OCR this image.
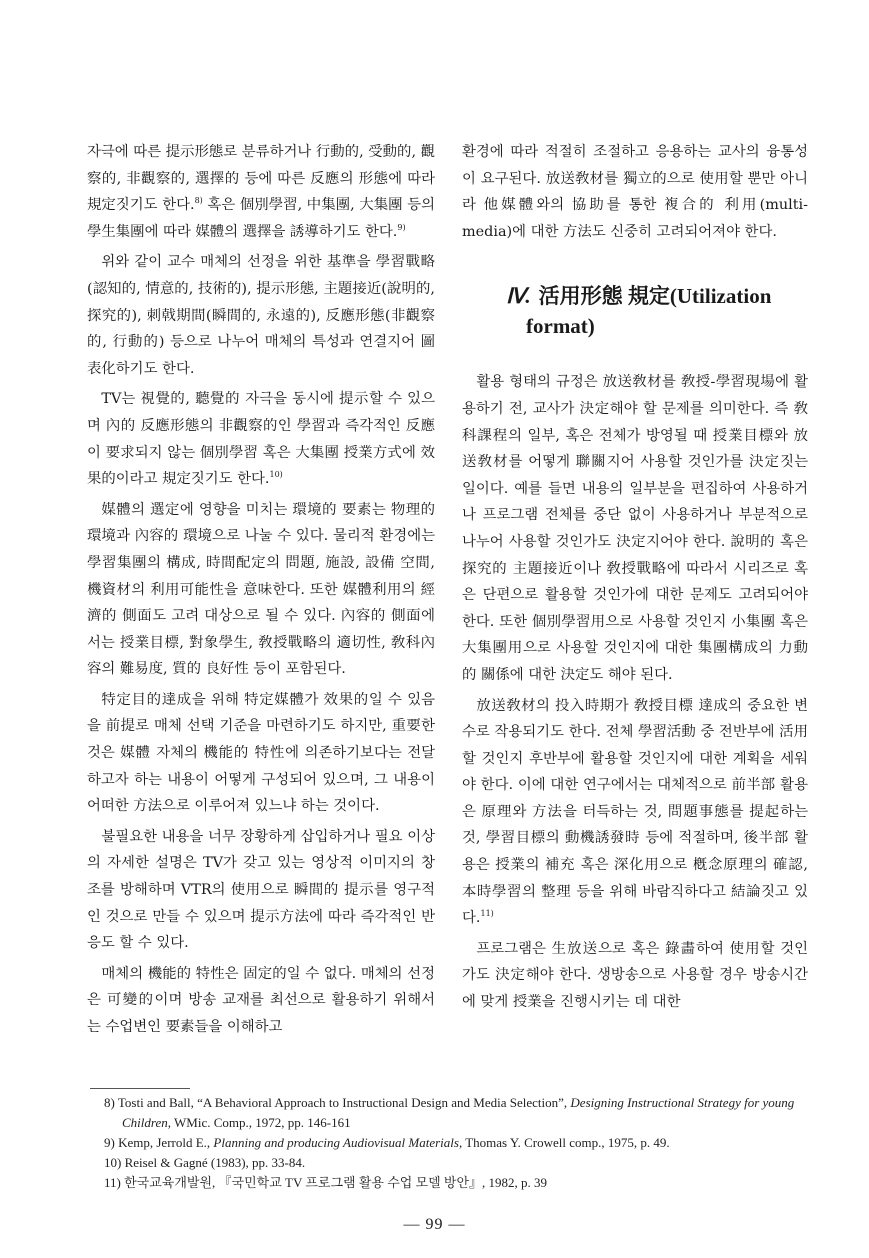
자극에 따른 提示形態로 분류하거나 行動的, 受動的, 觀察的, 非觀察的, 選擇的 등에 따른 反應의 形態에 따라 規定짓기도 한다.$^{8)}$ 혹은 個別學習, 中集團, 大集團 등의 學生集團에 따라 媒體의 選擇을 誘導하기도 한다.$^{9)}$

위와 같이 교수 매체의 선정을 위한 基準을 學習戰略(認知的, 情意的, 技術的), 提示形態, 主題接近(說明的, 探究的), 刺戟期間(瞬間的, 永遠的), 反應形態(非觀察的, 行動的) 등으로 나누어 매체의 특성과 연결지어 圖表化하기도 한다.

TV는 視覺的, 聽覺的 자극을 동시에 提示할 수 있으며 內的 反應形態의 非觀察的인 學習과 즉각적인 反應이 要求되지 않는 個別學習 혹은 大集團 授業方式에 效果的이라고 規定짓기도 한다.$^{10)}$

媒體의 選定에 영향을 미치는 環境的 要素는 物理的 環境과 內容的 環境으로 나눌 수 있다. 물리적 환경에는 學習集團의 構成, 時間配定의 問題, 施設, 設備 空間, 機資材의 利用可能性을 意味한다. 또한 媒體利用의 經濟的 側面도 고려 대상으로 될 수 있다. 內容的 側面에서는 授業目標, 對象學生, 敎授戰略의 適切性, 敎科內容의 難易度, 質的 良好性 등이 포함된다.

特定目的達成을 위해 特定媒體가 效果的일 수 있음을 前提로 매체 선택 기준을 마련하기도 하지만, 重要한 것은 媒體 자체의 機能的 特性에 의존하기보다는 전달하고자 하는 내용이 어떻게 구성되어 있으며, 그 내용이 어떠한 方法으로 이루어져 있느냐 하는 것이다.

불필요한 내용을 너무 장황하게 삽입하거나 필요 이상의 자세한 설명은 TV가 갖고 있는 영상적 이미지의 창조를 방해하며 VTR의 使用으로 瞬間的 提示를 영구적인 것으로 만들 수 있으며 提示方法에 따라 즉각적인 반응도 할 수 있다.

매체의 機能的 特性은 固定的일 수 없다. 매체의 선정은 可變的이며 방송 교재를 최선으로 활용하기 위해서는 수업변인 要素들을 이해하고

환경에 따라 적절히 조절하고 응용하는 교사의 융통성이 요구된다. 放送敎材를 獨立的으로 使用할 뿐만 아니라 他媒體와의 協助를 통한 複合的 利用(multi-media)에 대한 方法도 신중히 고려되어져야 한다.

Ⅳ. 活用形態 規定(Utilization
format)

활용 형태의 규정은 放送敎材를 敎授-學習現場에 활용하기 전, 교사가 決定해야 할 문제를 의미한다. 즉 敎科課程의 일부, 혹은 전체가 방영될 때 授業目標와 放送敎材를 어떻게 聯關지어 사용할 것인가를 決定짓는 일이다. 예를 들면 내용의 일부분을 편집하여 사용하거나 프로그램 전체를 중단 없이 사용하거나 부분적으로 나누어 사용할 것인가도 決定지어야 한다. 說明的 혹은 探究的 主題接近이나 敎授戰略에 따라서 시리즈로 혹은 단편으로 활용할 것인가에 대한 문제도 고려되어야 한다. 또한 個別學習用으로 사용할 것인지 小集團 혹은 大集團用으로 사용할 것인지에 대한 集團構成의 力動的 關係에 대한 決定도 해야 된다.

放送敎材의 投入時期가 敎授目標 達成의 중요한 변수로 작용되기도 한다. 전체 學習活動 중 전반부에 活用할 것인지 후반부에 활용할 것인지에 대한 계획을 세워야 한다. 이에 대한 연구에서는 대체적으로 前半部 활용은 原理와 方法을 터득하는 것, 問題事態를 提起하는 것, 學習目標의 動機誘發時 등에 적절하며, 後半部 활용은 授業의 補充 혹은 深化用으로 槪念原理의 確認, 本時學習의 整理 등을 위해 바람직하다고 結論짓고 있다.$^{11)}$

프로그램은 生放送으로 혹은 錄畵하여 使用할 것인가도 決定해야 한다. 생방송으로 사용할 경우 방송시간에 맞게 授業을 진행시키는 데 대한

8) Tosti and Ball, “A Behavioral Approach to Instructional Design and Media Selection”, Designing Instructional Strategy for young Children, WMic. Comp., 1972, pp. 146-161

9) Kemp, Jerrold E., Planning and producing Audiovisual Materials, Thomas Y. Crowell comp., 1975, p. 49.

10) Reisel & Gagné (1983), pp. 33-84.

11) 한국교육개발원, 『국민학교 TV 프로그램 활용 수업 모델 방안』, 1982, p. 39

— 99 —
